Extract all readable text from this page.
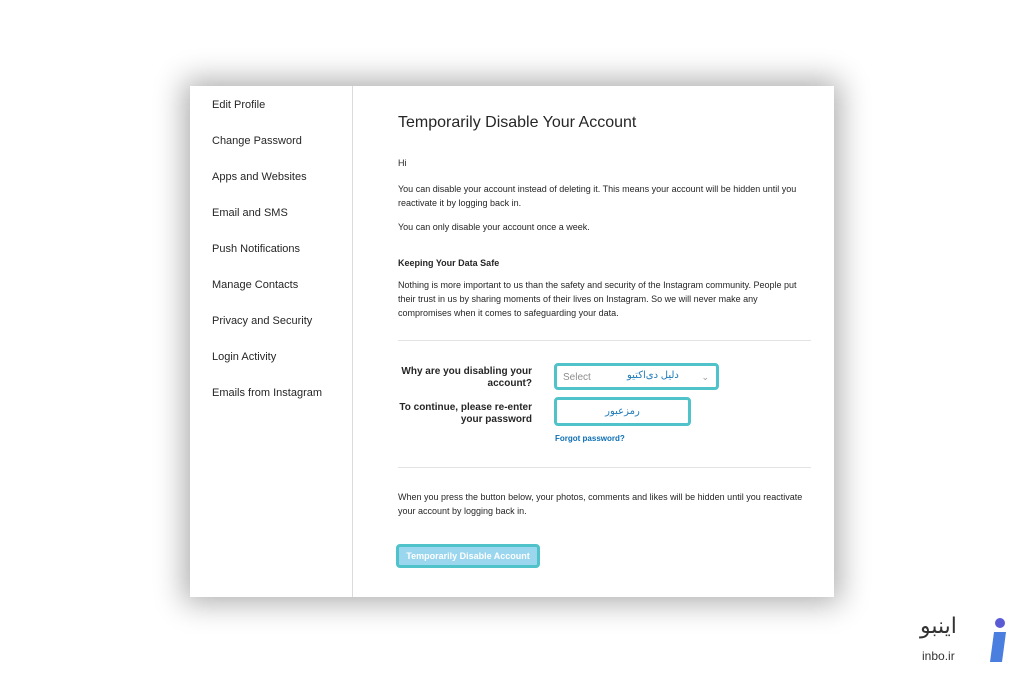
Edit Profile
Change Password
Apps and Websites
Email and SMS
Push Notifications
Manage Contacts
Privacy and Security
Login Activity
Emails from Instagram
Temporarily Disable Your Account

Hi

You can disable your account instead of deleting it. This means your account will be hidden until you reactivate it by logging back in.

You can only disable your account once a week.

Keeping Your Data Safe

Nothing is more important to us than the safety and security of the Instagram community. People put their trust in us by sharing moments of their lives on Instagram. So we will never make any compromises when it comes to safeguarding your data.

Why are you disabling your account?
Select	دلیل دی‌اکتیو	⌄
To continue, please re-enter your password
رمزعبور
Forgot password?

When you press the button below, your photos, comments and likes will be hidden until you reactivate your account by logging back in.

Temporarily Disable Account
اینبو
inbo.ir
